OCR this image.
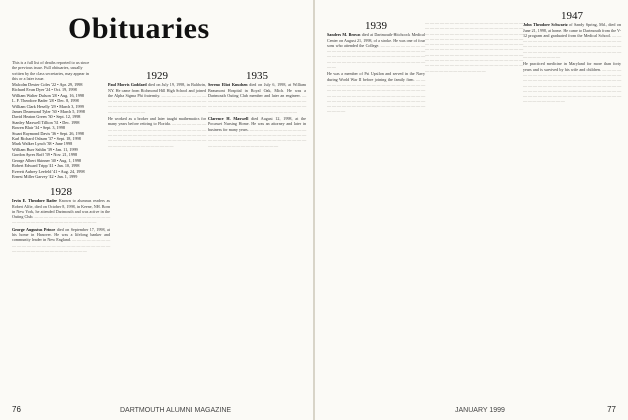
Obituaries
This is a full list of deaths reported to us since the previous issue. Full obituaries, usually written by the class secretaries, may appear in this or a later issue.
Malcolm Dexter Coles '22 • Apr. 29, 1998
Richard Evan Dyer '24 • Oct. 19, 1998
William Walter Dulson '28 • Aug. 16, 1998
L. F. Theodore Bader '28 • Dec. 8, 1998
William Clark Heselly '29 • March 3, 1999
James Dearmond Tyler '30 • March 5, 1998
David Heaton Green '30 • Sept. 12, 1998
Stanley Maxwell Tillton '31 • Dec. 1998
Bowen Blair '34 • Sept. 3, 1998
Stuart Raymond Davis '36 • Sept. 26, 1998
Karl Richard Osburn '37 • Sept. 18, 1998
Mark Walker Lynch '38 • June 1998
William Burr Sahlin '39 • Jan. 11, 1999
Gordon Ayres Roff '39 • Nov. 21, 1998
George Albert Skinner '40 • Aug. 1, 1998
Robert Edward Tripp '41 • Jan. 10, 1998
Everett Aubrey Leefeld '41 • Aug. 24, 1998
Ernest Miller Garvey '42 • Jan. 1, 1999
1928
Irvin E. Theodore Bader Known to alumnus readers as Robert Alfie, died on October 8, 1998, in Keene, NH. Born in New York, he attended Dartmouth and was active in the Outing Club. — — — — — — — — — — — — — — — — — — — — — — — — — — — — — — — — — —
George Augustus Prince died on September 17, 1998, at his home in Hanover. He was a lifelong banker and community leader in New England. — — — — — — — — — — — — — — — — — — — — — — — — — — — — — — — — — — — — — — — — — — — —
1929
Paul Morris Goddard died on July 19, 1998, in Baldwin, NY. He came from Richmond Hill High School and joined the Alpha Sigma Phi fraternity. — — — — — — — — — — — — — — — — — — — — — — — — — — — — — — — — — — — — — — — — — — — — — — — — — — — — — — — — —
He worked as a broker and later taught mathematics for many years before retiring to Florida. — — — — — — — — — — — — — — — — — — — — — — — — — — — — — — — — — — — — — — — — — — — — — — — — — — — — — — — — — — — — — — — — — — — — — — — — — — — — — — — — —
1935
Sereno Eliot Knudsen died on July 6, 1998, at William Beaumont Hospital in Royal Oak, Mich. He was a Dartmouth Outing Club member and later an engineer. — — — — — — — — — — — — — — — — — — — — — — — — — — — — — — — — — — — — — — — — — — — — — — — — — — — — — — — — — — — —
Clarence H. Maxwell died August 12, 1998, at the Pocasset Nursing Home. He was an attorney and later in business for many years. — — — — — — — — — — — — — — — — — — — — — — — — — — — — — — — — — — — — — — — — — — — — — — — — — — — — — — — — — — — — — — — — — — —
DARTMOUTH ALUMNI MAGAZINE
76
1939
Sanders M. Brown died at Dartmouth-Hitchcock Medical Center on August 21, 1998, of a stroke. He was one of four sons who attended the College. — — — — — — — — — — — — — — — — — — — — — — — — — — — — — — — — — — — — — — — — — — — — — — — — — — — — — — — — — — — — — — — — — — — — — — —
He was a member of Psi Upsilon and served in the Navy during World War II before joining the family firm. — — — — — — — — — — — — — — — — — — — — — — — — — — — — — — — — — — — — — — — — — — — — — — — — — — — — — — — — — — — — — — — — — — — — — — — — — — — — — — — — — — — — — — — — — — — — — — — — — — — — — — — — — —
— — — — — — — — — — — — — — — — — — — — — — — — — — — — — — — — — — — — — — — — — — — — — — — — — — — — — — — — — — — — — — — — — — — — — — — — — — — — — — — — — — — — — — — — — — — — — — — — — — — — — — — — — — — — — — — — — — — — — — — — — — — — — — — — — — — — — — — — — — — — — — — — — — — — — — — — — — — — — — — — — — — — — — — — — — — — — — — — — — — — — — — — — — — — — — — — —
1947
John Theodore Schwartz of Sandy Spring, Md., died on June 21, 1998, at home. He came to Dartmouth from the V-12 program and graduated from the Medical School. — — — — — — — — — — — — — — — — — — — — — — — — — — — — — — — — — — — — — — — — — — — — — — — — — — — — — — — — — — — — — — — — — — — — — —
He practiced medicine in Maryland for more than forty years and is survived by his wife and children. — — — — — — — — — — — — — — — — — — — — — — — — — — — — — — — — — — — — — — — — — — — — — — — — — — — — — — — — — — — — — — — — — — — — — — — — — — — — — — — — — — — — — — — — — — — — — — — — — — — — — — — — — — — — — — — — —
JANUARY 1999	77
